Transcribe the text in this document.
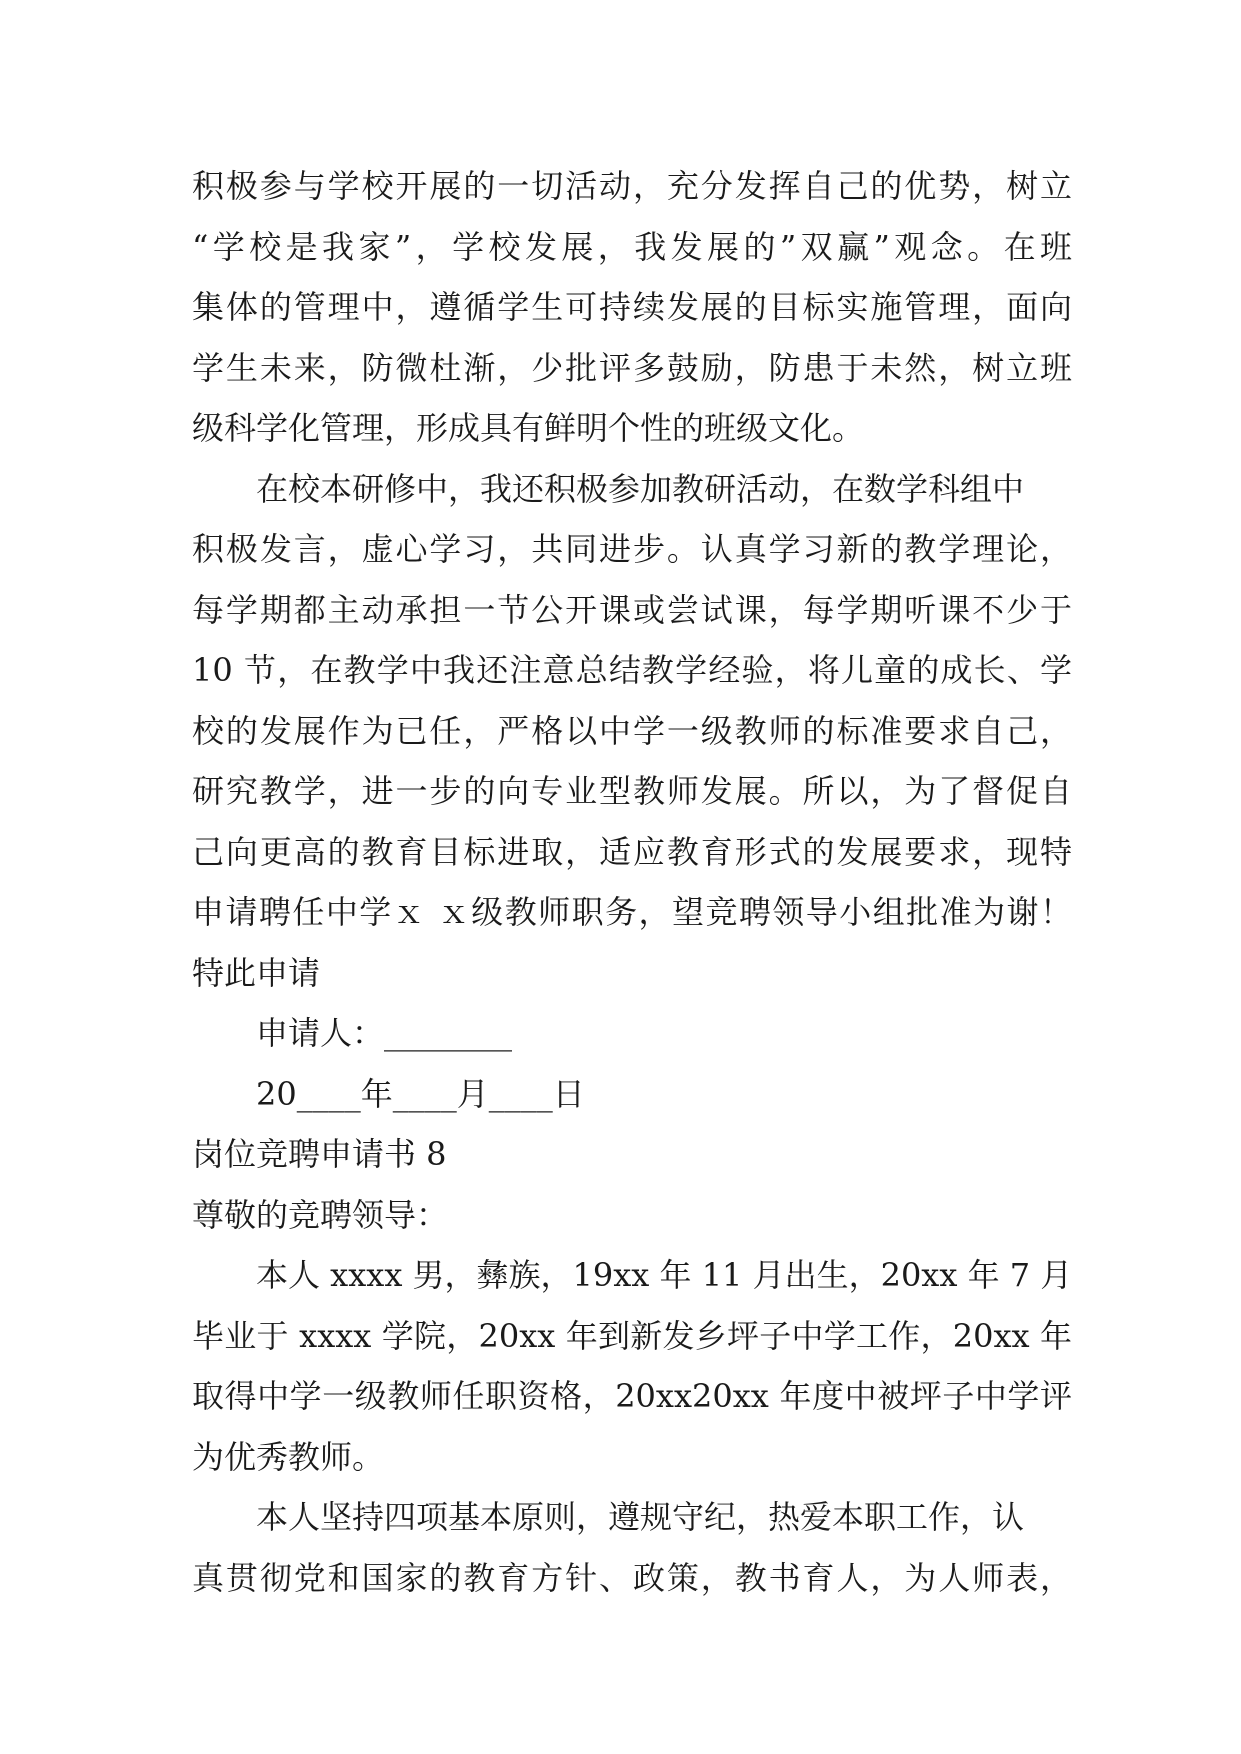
积极参与学校开展的一切活动，充分发挥自己的优势，树立
“学校是我家”，学校发展，我发展的”双赢”观念。在班
集体的管理中，遵循学生可持续发展的目标实施管理，面向
学生未来，防微杜渐，少批评多鼓励，防患于未然，树立班
级科学化管理，形成具有鲜明个性的班级文化。
在校本研修中，我还积极参加教研活动，在数学科组中
积极发言，虚心学习，共同进步。认真学习新的教学理论，
每学期都主动承担一节公开课或尝试课，每学期听课不少于
10 节，在教学中我还注意总结教学经验，将儿童的成长、学
校的发展作为已任，严格以中学一级教师的标准要求自己，
研究教学，进一步的向专业型教师发展。所以，为了督促自
己向更高的教育目标进取，适应教育形式的发展要求，现特
申请聘任中学ｘ ｘ级教师职务，望竞聘领导小组批准为谢！
特此申请
申请人：________
20____年____月____日
岗位竞聘申请书 8
尊敬的竞聘领导：
本人 xxxx 男，彝族，19xx 年 11 月出生，20xx 年 7 月
毕业于 xxxx 学院，20xx 年到新发乡坪子中学工作，20xx 年
取得中学一级教师任职资格，20xx20xx 年度中被坪子中学评
为优秀教师。
本人坚持四项基本原则，遵规守纪，热爱本职工作，认
真贯彻党和国家的教育方针、政策，教书育人，为人师表，
